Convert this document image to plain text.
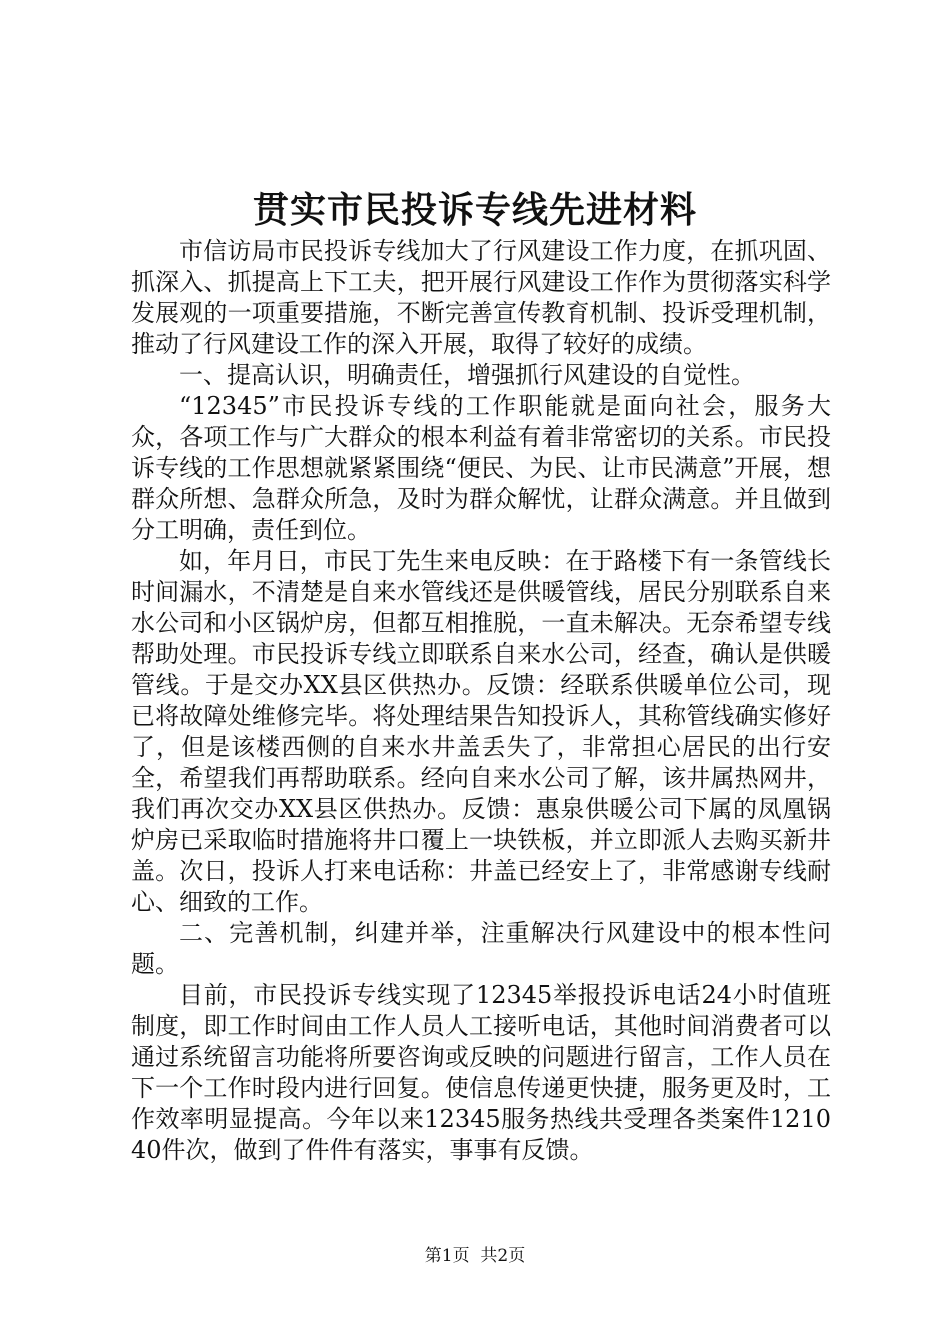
贯实市民投诉专线先进材料

市信访局市民投诉专线加大了行风建设工作力度，在抓巩固、抓深入、抓提高上下工夫，把开展行风建设工作作为贯彻落实科学发展观的一项重要措施，不断完善宣传教育机制、投诉受理机制，推动了行风建设工作的深入开展，取得了较好的成绩。

一、提高认识，明确责任，增强抓行风建设的自觉性。

“12345”市民投诉专线的工作职能就是面向社会，服务大众，各项工作与广大群众的根本利益有着非常密切的关系。市民投诉专线的工作思想就紧紧围绕“便民、为民、让市民满意”开展，想群众所想、急群众所急，及时为群众解忧，让群众满意。并且做到分工明确，责任到位。

如，年月日，市民丁先生来电反映：在于路楼下有一条管线长时间漏水，不清楚是自来水管线还是供暖管线，居民分别联系自来水公司和小区锅炉房，但都互相推脱，一直未解决。无奈希望专线帮助处理。市民投诉专线立即联系自来水公司，经查，确认是供暖管线。于是交办XX县区供热办。反馈：经联系供暖单位公司，现已将故障处维修完毕。将处理结果告知投诉人，其称管线确实修好了，但是该楼西侧的自来水井盖丢失了，非常担心居民的出行安全，希望我们再帮助联系。经向自来水公司了解，该井属热网井，我们再次交办XX县区供热办。反馈：惠泉供暖公司下属的凤凰锅炉房已采取临时措施将井口覆上一块铁板，并立即派人去购买新井盖。次日，投诉人打来电话称：井盖已经安上了，非常感谢专线耐心、细致的工作。

二、完善机制，纠建并举，注重解决行风建设中的根本性问题。

目前，市民投诉专线实现了12345举报投诉电话24小时值班制度，即工作时间由工作人员人工接听电话，其他时间消费者可以通过系统留言功能将所要咨询或反映的问题进行留言，工作人员在下一个工作时段内进行回复。使信息传递更快捷，服务更及时，工作效率明显提高。今年以来12345服务热线共受理各类案件121040件次，做到了件件有落实，事事有反馈。

第1页 共2页
